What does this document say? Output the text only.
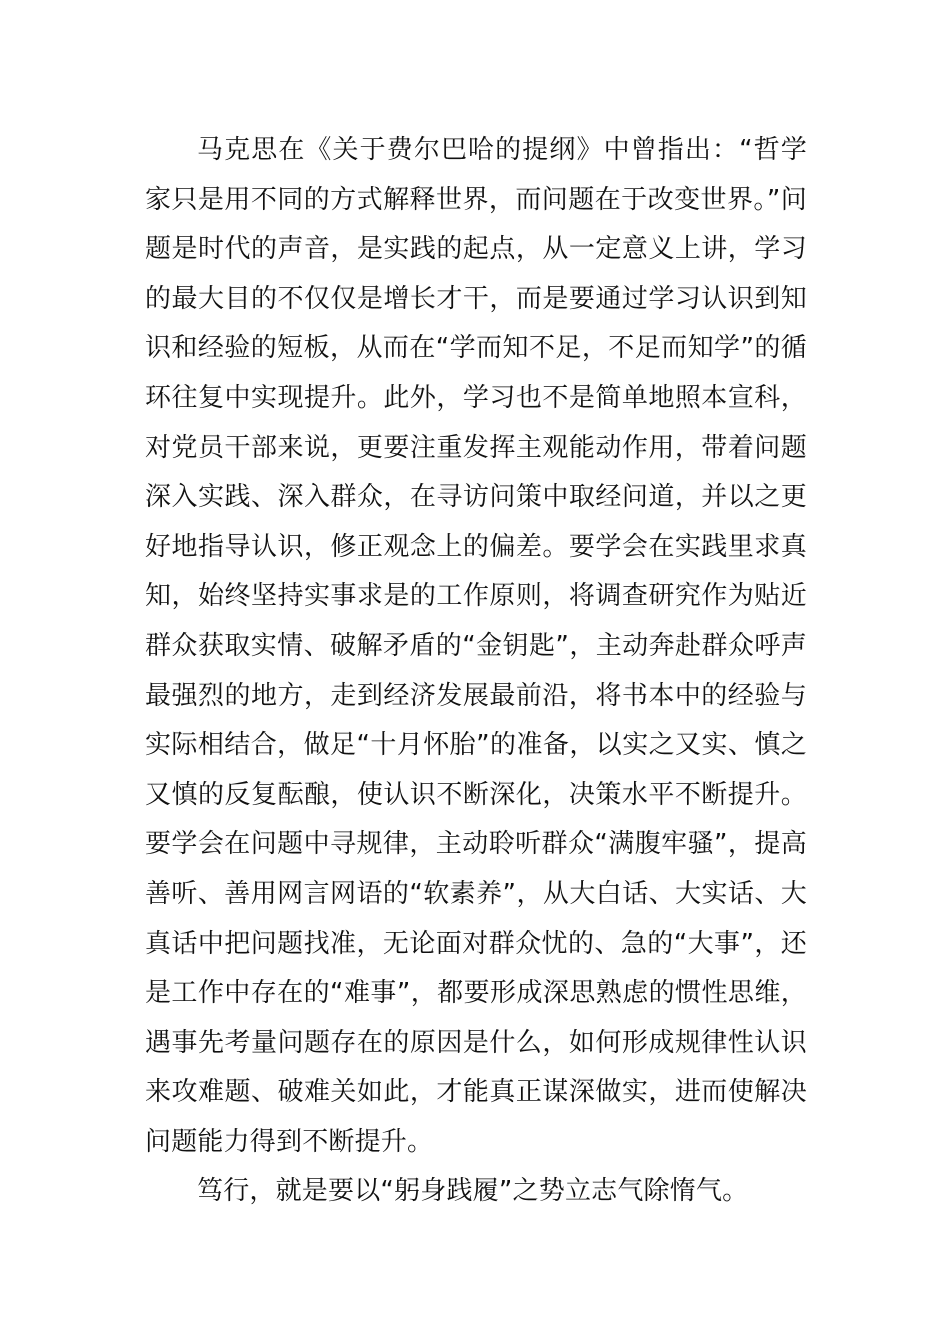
马克思在《关于费尔巴哈的提纲》中曾指出：“哲学家只是用不同的方式解释世界，而问题在于改变世界。”问题是时代的声音，是实践的起点，从一定意义上讲，学习的最大目的不仅仅是增长才干，而是要通过学习认识到知识和经验的短板，从而在“学而知不足，不足而知学”的循环往复中实现提升。此外，学习也不是简单地照本宣科，对党员干部来说，更要注重发挥主观能动作用，带着问题深入实践、深入群众，在寻访问策中取经问道，并以之更好地指导认识，修正观念上的偏差。要学会在实践里求真知，始终坚持实事求是的工作原则，将调查研究作为贴近群众获取实情、破解矛盾的“金钥匙”，主动奔赴群众呼声最强烈的地方，走到经济发展最前沿，将书本中的经验与实际相结合，做足“十月怀胎”的准备，以实之又实、慎之又慎的反复酝酿，使认识不断深化，决策水平不断提升。要学会在问题中寻规律，主动聆听群众“满腹牢骚”，提高善听、善用网言网语的“软素养”，从大白话、大实话、大真话中把问题找准，无论面对群众忧的、急的“大事”，还是工作中存在的“难事”，都要形成深思熟虑的惯性思维，遇事先考量问题存在的原因是什么，如何形成规律性认识来攻难题、破难关如此，才能真正谋深做实，进而使解决问题能力得到不断提升。

笃行，就是要以“躬身践履”之势立志气除惰气。
